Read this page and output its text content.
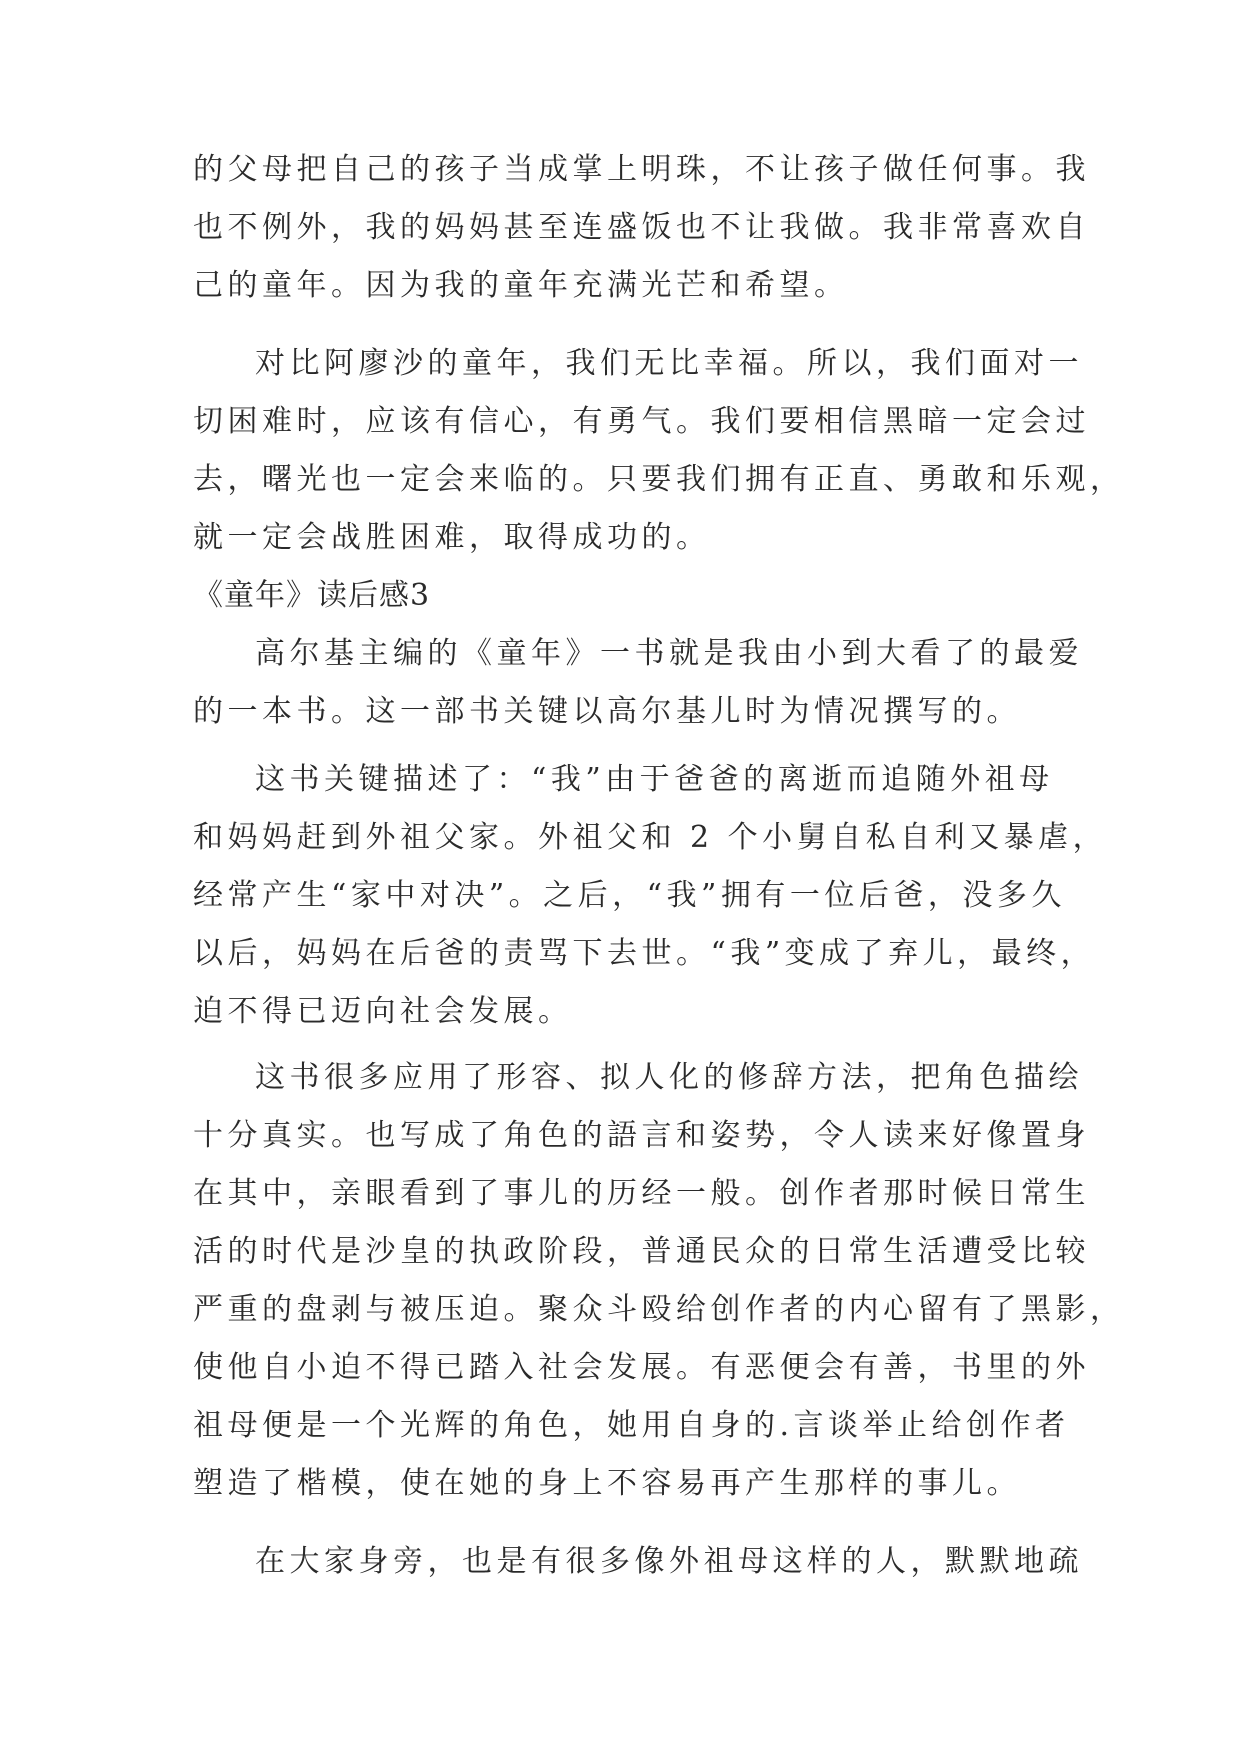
的父母把自己的孩子当成掌上明珠，不让孩子做任何事。我
也不例外，我的妈妈甚至连盛饭也不让我做。我非常喜欢自
己的童年。因为我的童年充满光芒和希望。
对比阿廖沙的童年，我们无比幸福。所以，我们面对一
切困难时，应该有信心，有勇气。我们要相信黑暗一定会过
去，曙光也一定会来临的。只要我们拥有正直、勇敢和乐观，
就一定会战胜困难，取得成功的。
《童年》读后感3
高尔基主编的《童年》一书就是我由小到大看了的最爱
的一本书。这一部书关键以高尔基儿时为情况撰写的。
这书关键描述了：“我”由于爸爸的离逝而追随外祖母
和妈妈赶到外祖父家。外祖父和 2 个小舅自私自利又暴虐，
经常产生“家中对决”。之后，“我”拥有一位后爸，没多久
以后，妈妈在后爸的责骂下去世。“我”变成了弃儿，最终，
迫不得已迈向社会发展。
这书很多应用了形容、拟人化的修辞方法，把角色描绘
十分真实。也写成了角色的語言和姿势，令人读来好像置身
在其中，亲眼看到了事儿的历经一般。创作者那时候日常生
活的时代是沙皇的执政阶段，普通民众的日常生活遭受比较
严重的盘剥与被压迫。聚众斗殴给创作者的内心留有了黑影，
使他自小迫不得已踏入社会发展。有恶便会有善，书里的外
祖母便是一个光辉的角色，她用自身的.言谈举止给创作者
塑造了楷模，使在她的身上不容易再产生那样的事儿。
在大家身旁，也是有很多像外祖母这样的人，默默地疏
